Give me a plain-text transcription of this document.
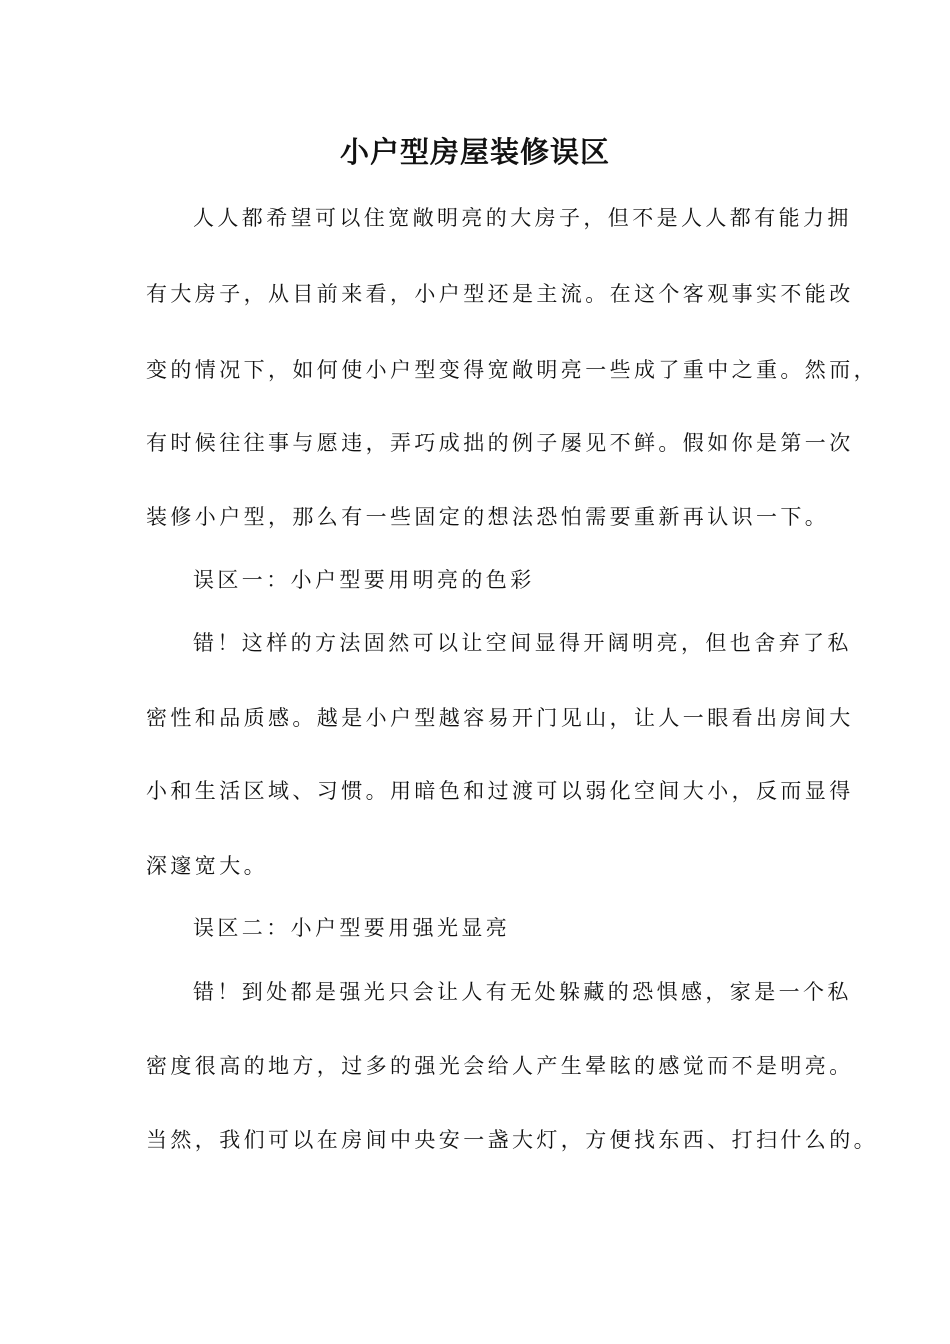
小户型房屋装修误区
人人都希望可以住宽敞明亮的大房子，但不是人人都有能力拥
有大房子，从目前来看，小户型还是主流。在这个客观事实不能改
变的情况下，如何使小户型变得宽敞明亮一些成了重中之重。然而，
有时候往往事与愿违，弄巧成拙的例子屡见不鲜。假如你是第一次
装修小户型，那么有一些固定的想法恐怕需要重新再认识一下。
误区一：小户型要用明亮的色彩
错！这样的方法固然可以让空间显得开阔明亮，但也舍弃了私
密性和品质感。越是小户型越容易开门见山，让人一眼看出房间大
小和生活区域、习惯。用暗色和过渡可以弱化空间大小，反而显得
深邃宽大。
误区二：小户型要用强光显亮
错！到处都是强光只会让人有无处躲藏的恐惧感，家是一个私
密度很高的地方，过多的强光会给人产生晕眩的感觉而不是明亮。
当然，我们可以在房间中央安一盏大灯，方便找东西、打扫什么的。
